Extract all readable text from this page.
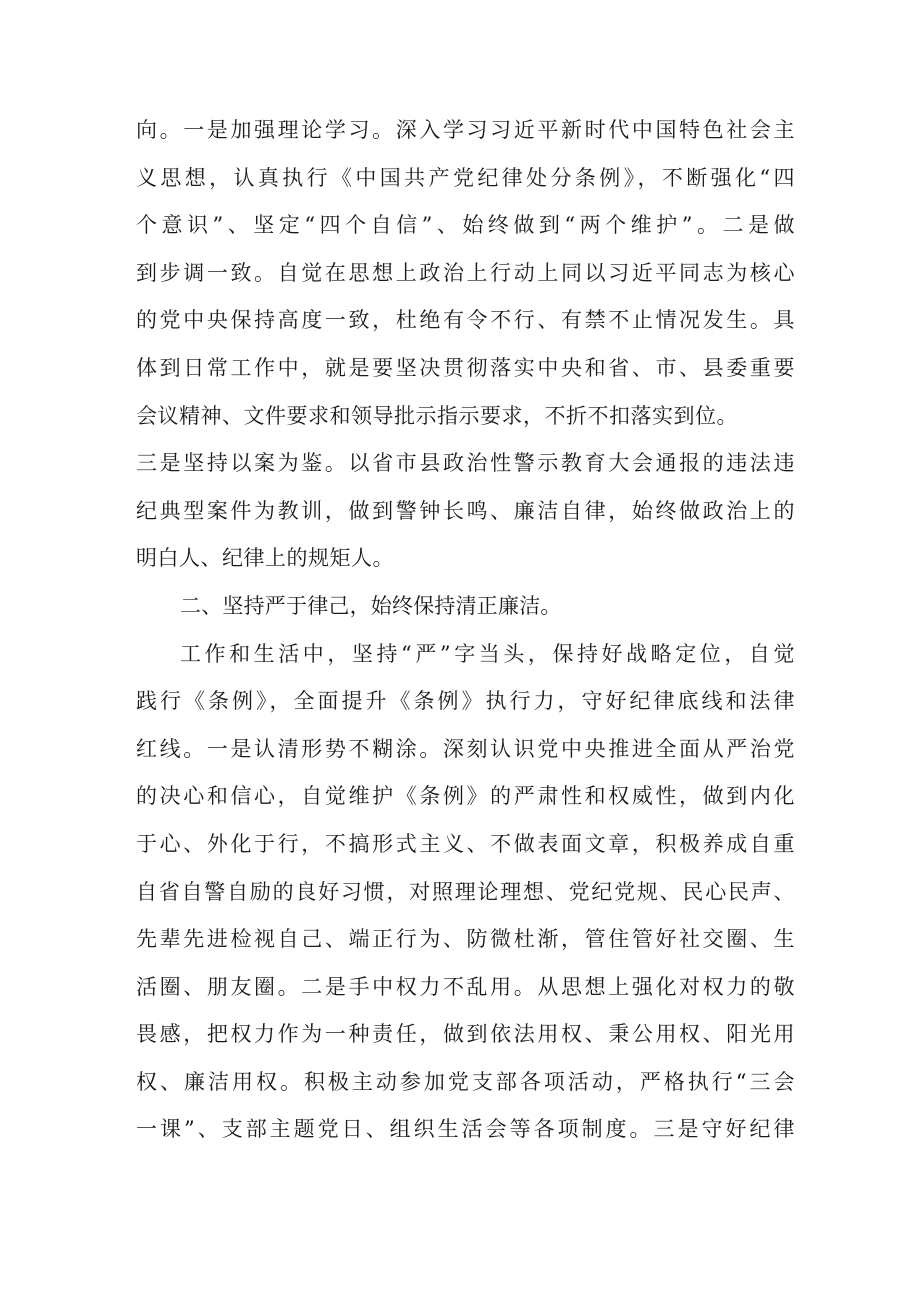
向。一是加强理论学习。深入学习习近平新时代中国特色社会主
义思想，认真执行《中国共产党纪律处分条例》，不断强化“四
个意识”、坚定“四个自信”、始终做到“两个维护”。二是做
到步调一致。自觉在思想上政治上行动上同以习近平同志为核心
的党中央保持高度一致，杜绝有令不行、有禁不止情况发生。具
体到日常工作中，就是要坚决贯彻落实中央和省、市、县委重要
会议精神、文件要求和领导批示指示要求，不折不扣落实到位。
三是坚持以案为鉴。以省市县政治性警示教育大会通报的违法违
纪典型案件为教训，做到警钟长鸣、廉洁自律，始终做政治上的
明白人、纪律上的规矩人。
二、坚持严于律己，始终保持清正廉洁。
工作和生活中，坚持“严”字当头，保持好战略定位，自觉
践行《条例》，全面提升《条例》执行力，守好纪律底线和法律
红线。一是认清形势不糊涂。深刻认识党中央推进全面从严治党
的决心和信心，自觉维护《条例》的严肃性和权威性，做到内化
于心、外化于行，不搞形式主义、不做表面文章，积极养成自重
自省自警自励的良好习惯，对照理论理想、党纪党规、民心民声、
先辈先进检视自己、端正行为、防微杜渐，管住管好社交圈、生
活圈、朋友圈。二是手中权力不乱用。从思想上强化对权力的敬
畏感，把权力作为一种责任，做到依法用权、秉公用权、阳光用
权、廉洁用权。积极主动参加党支部各项活动，严格执行“三会
一课”、支部主题党日、组织生活会等各项制度。三是守好纪律
